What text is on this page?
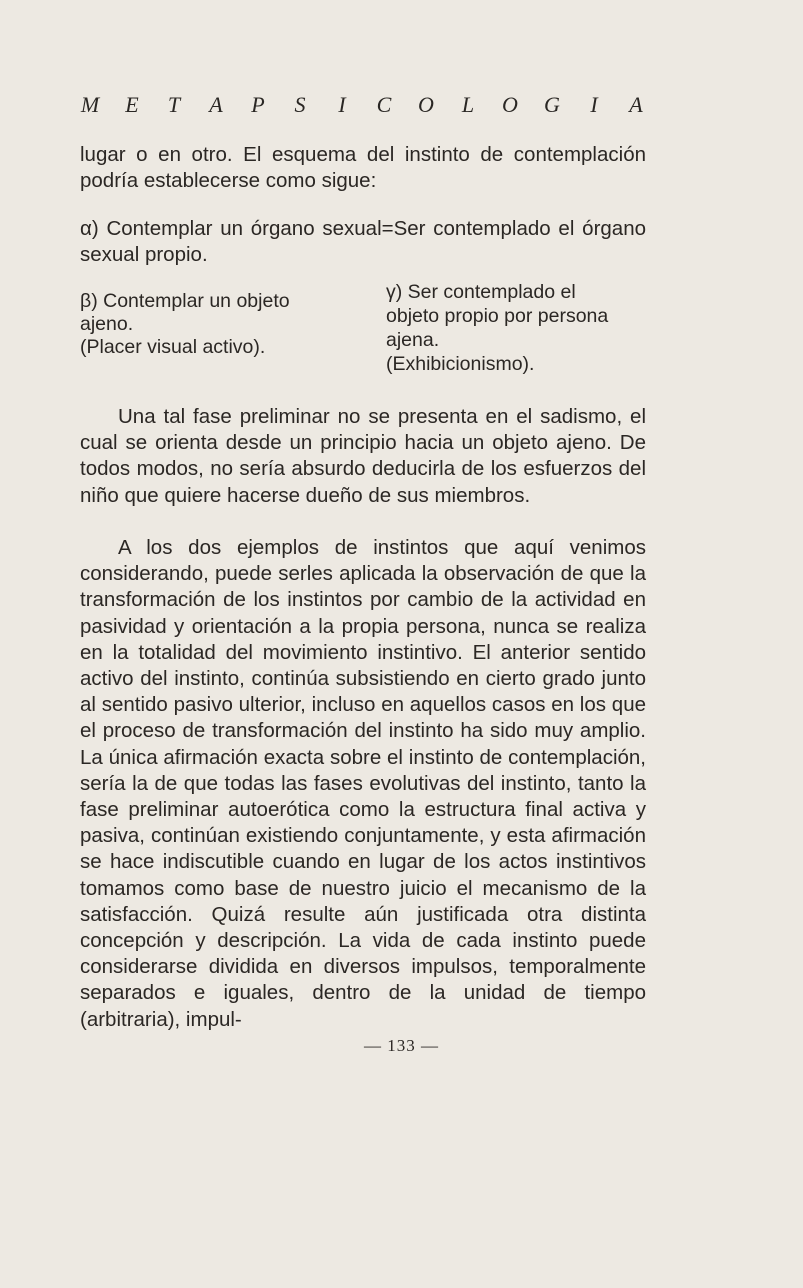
M E T A P S I C O L O G I A

lugar o en otro. El esquema del instinto de contemplación podría establecerse como sigue:

α) Contemplar un órgano sexual=Ser contemplado el órgano sexual propio.

β) Contemplar un objeto
ajeno.
(Placer visual activo).
γ) Ser contemplado el
objeto propio por persona
ajena.
(Exhibicionismo).

Una tal fase preliminar no se presenta en el sadismo, el cual se orienta desde un principio hacia un objeto ajeno. De todos modos, no sería absurdo deducirla de los esfuerzos del niño que quiere hacerse dueño de sus miembros.

A los dos ejemplos de instintos que aquí venimos considerando, puede serles aplicada la observación de que la transformación de los instintos por cambio de la actividad en pasividad y orientación a la propia persona, nunca se realiza en la totalidad del movimiento instintivo. El anterior sentido activo del instinto, continúa subsistiendo en cierto grado junto al sentido pasivo ulterior, incluso en aquellos casos en los que el proceso de transformación del instinto ha sido muy amplio. La única afirmación exacta sobre el instinto de contemplación, sería la de que todas las fases evolutivas del instinto, tanto la fase preliminar autoerótica como la estructura final activa y pasiva, continúan existiendo conjuntamente, y esta afirmación se hace indiscutible cuando en lugar de los actos instintivos tomamos como base de nuestro juicio el mecanismo de la satisfacción. Quizá resulte aún justificada otra distinta concepción y descripción. La vida de cada instinto puede considerarse dividida en diversos impulsos, temporalmente separados e iguales, dentro de la unidad de tiempo (arbitraria), impul-

— 133 —
